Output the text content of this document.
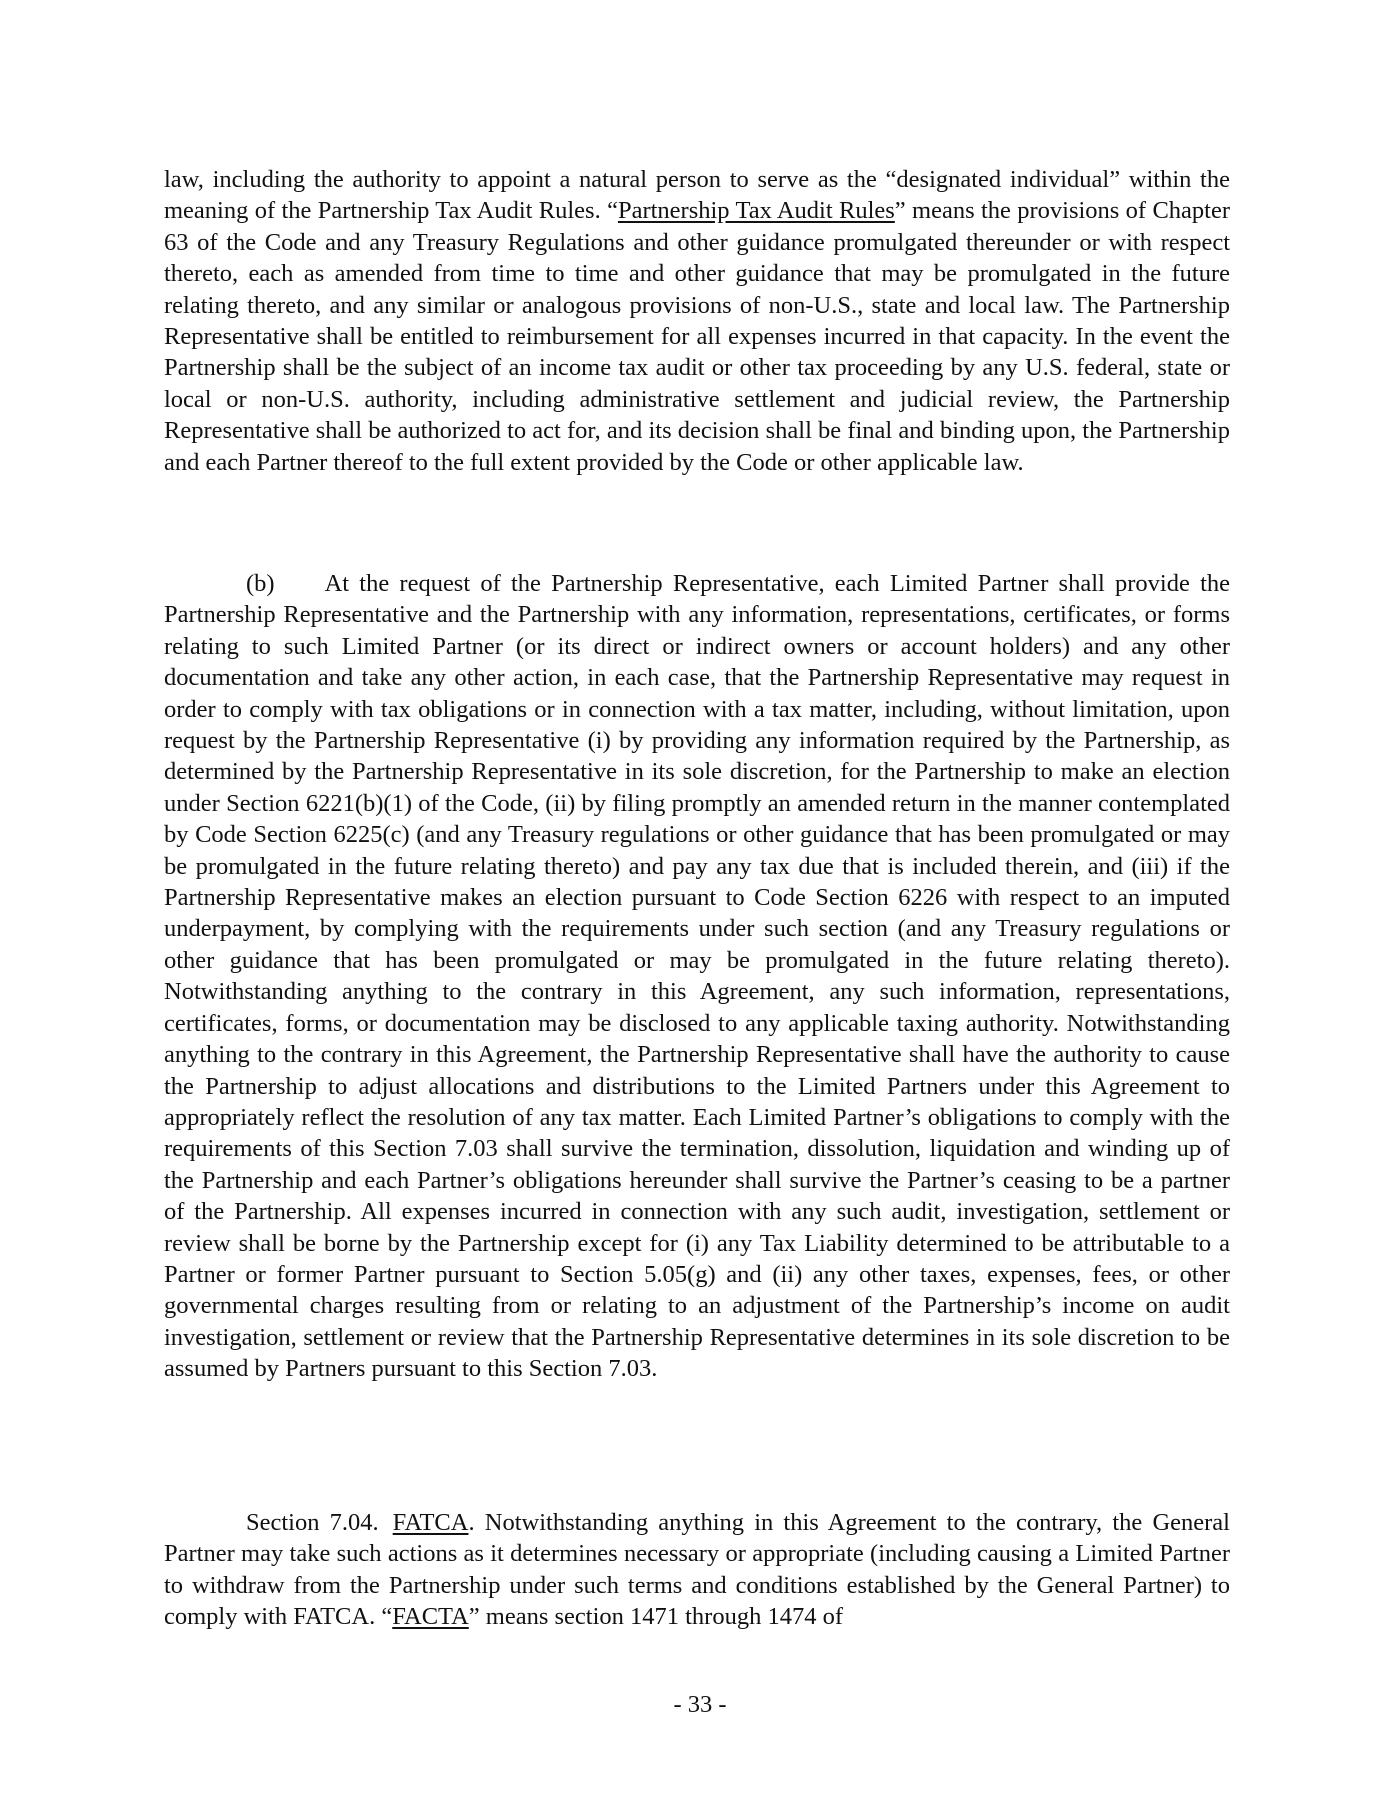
law, including the authority to appoint a natural person to serve as the “designated individual” within the meaning of the Partnership Tax Audit Rules. “Partnership Tax Audit Rules” means the provisions of Chapter 63 of the Code and any Treasury Regulations and other guidance promulgated thereunder or with respect thereto, each as amended from time to time and other guidance that may be promulgated in the future relating thereto, and any similar or analogous provisions of non-U.S., state and local law. The Partnership Representative shall be entitled to reimbursement for all expenses incurred in that capacity. In the event the Partnership shall be the subject of an income tax audit or other tax proceeding by any U.S. federal, state or local or non-U.S. authority, including administrative settlement and judicial review, the Partnership Representative shall be authorized to act for, and its decision shall be final and binding upon, the Partnership and each Partner thereof to the full extent provided by the Code or other applicable law.

(b) At the request of the Partnership Representative, each Limited Partner shall provide the Partnership Representative and the Partnership with any information, representations, certificates, or forms relating to such Limited Partner (or its direct or indirect owners or account holders) and any other documentation and take any other action, in each case, that the Partnership Representative may request in order to comply with tax obligations or in connection with a tax matter, including, without limitation, upon request by the Partnership Representative (i) by providing any information required by the Partnership, as determined by the Partnership Representative in its sole discretion, for the Partnership to make an election under Section 6221(b)(1) of the Code, (ii) by filing promptly an amended return in the manner contemplated by Code Section 6225(c) (and any Treasury regulations or other guidance that has been promulgated or may be promulgated in the future relating thereto) and pay any tax due that is included therein, and (iii) if the Partnership Representative makes an election pursuant to Code Section 6226 with respect to an imputed underpayment, by complying with the requirements under such section (and any Treasury regulations or other guidance that has been promulgated or may be promulgated in the future relating thereto). Notwithstanding anything to the contrary in this Agreement, any such information, representations, certificates, forms, or documentation may be disclosed to any applicable taxing authority. Notwithstanding anything to the contrary in this Agreement, the Partnership Representative shall have the authority to cause the Partnership to adjust allocations and distributions to the Limited Partners under this Agreement to appropriately reflect the resolution of any tax matter. Each Limited Partner’s obligations to comply with the requirements of this Section 7.03 shall survive the termination, dissolution, liquidation and winding up of the Partnership and each Partner’s obligations hereunder shall survive the Partner’s ceasing to be a partner of the Partnership. All expenses incurred in connection with any such audit, investigation, settlement or review shall be borne by the Partnership except for (i) any Tax Liability determined to be attributable to a Partner or former Partner pursuant to Section 5.05(g) and (ii) any other taxes, expenses, fees, or other governmental charges resulting from or relating to an adjustment of the Partnership’s income on audit investigation, settlement or review that the Partnership Representative determines in its sole discretion to be assumed by Partners pursuant to this Section 7.03.

Section 7.04. FATCA. Notwithstanding anything in this Agreement to the contrary, the General Partner may take such actions as it determines necessary or appropriate (including causing a Limited Partner to withdraw from the Partnership under such terms and conditions established by the General Partner) to comply with FATCA. “FACTA” means section 1471 through 1474 of

- 33 -
